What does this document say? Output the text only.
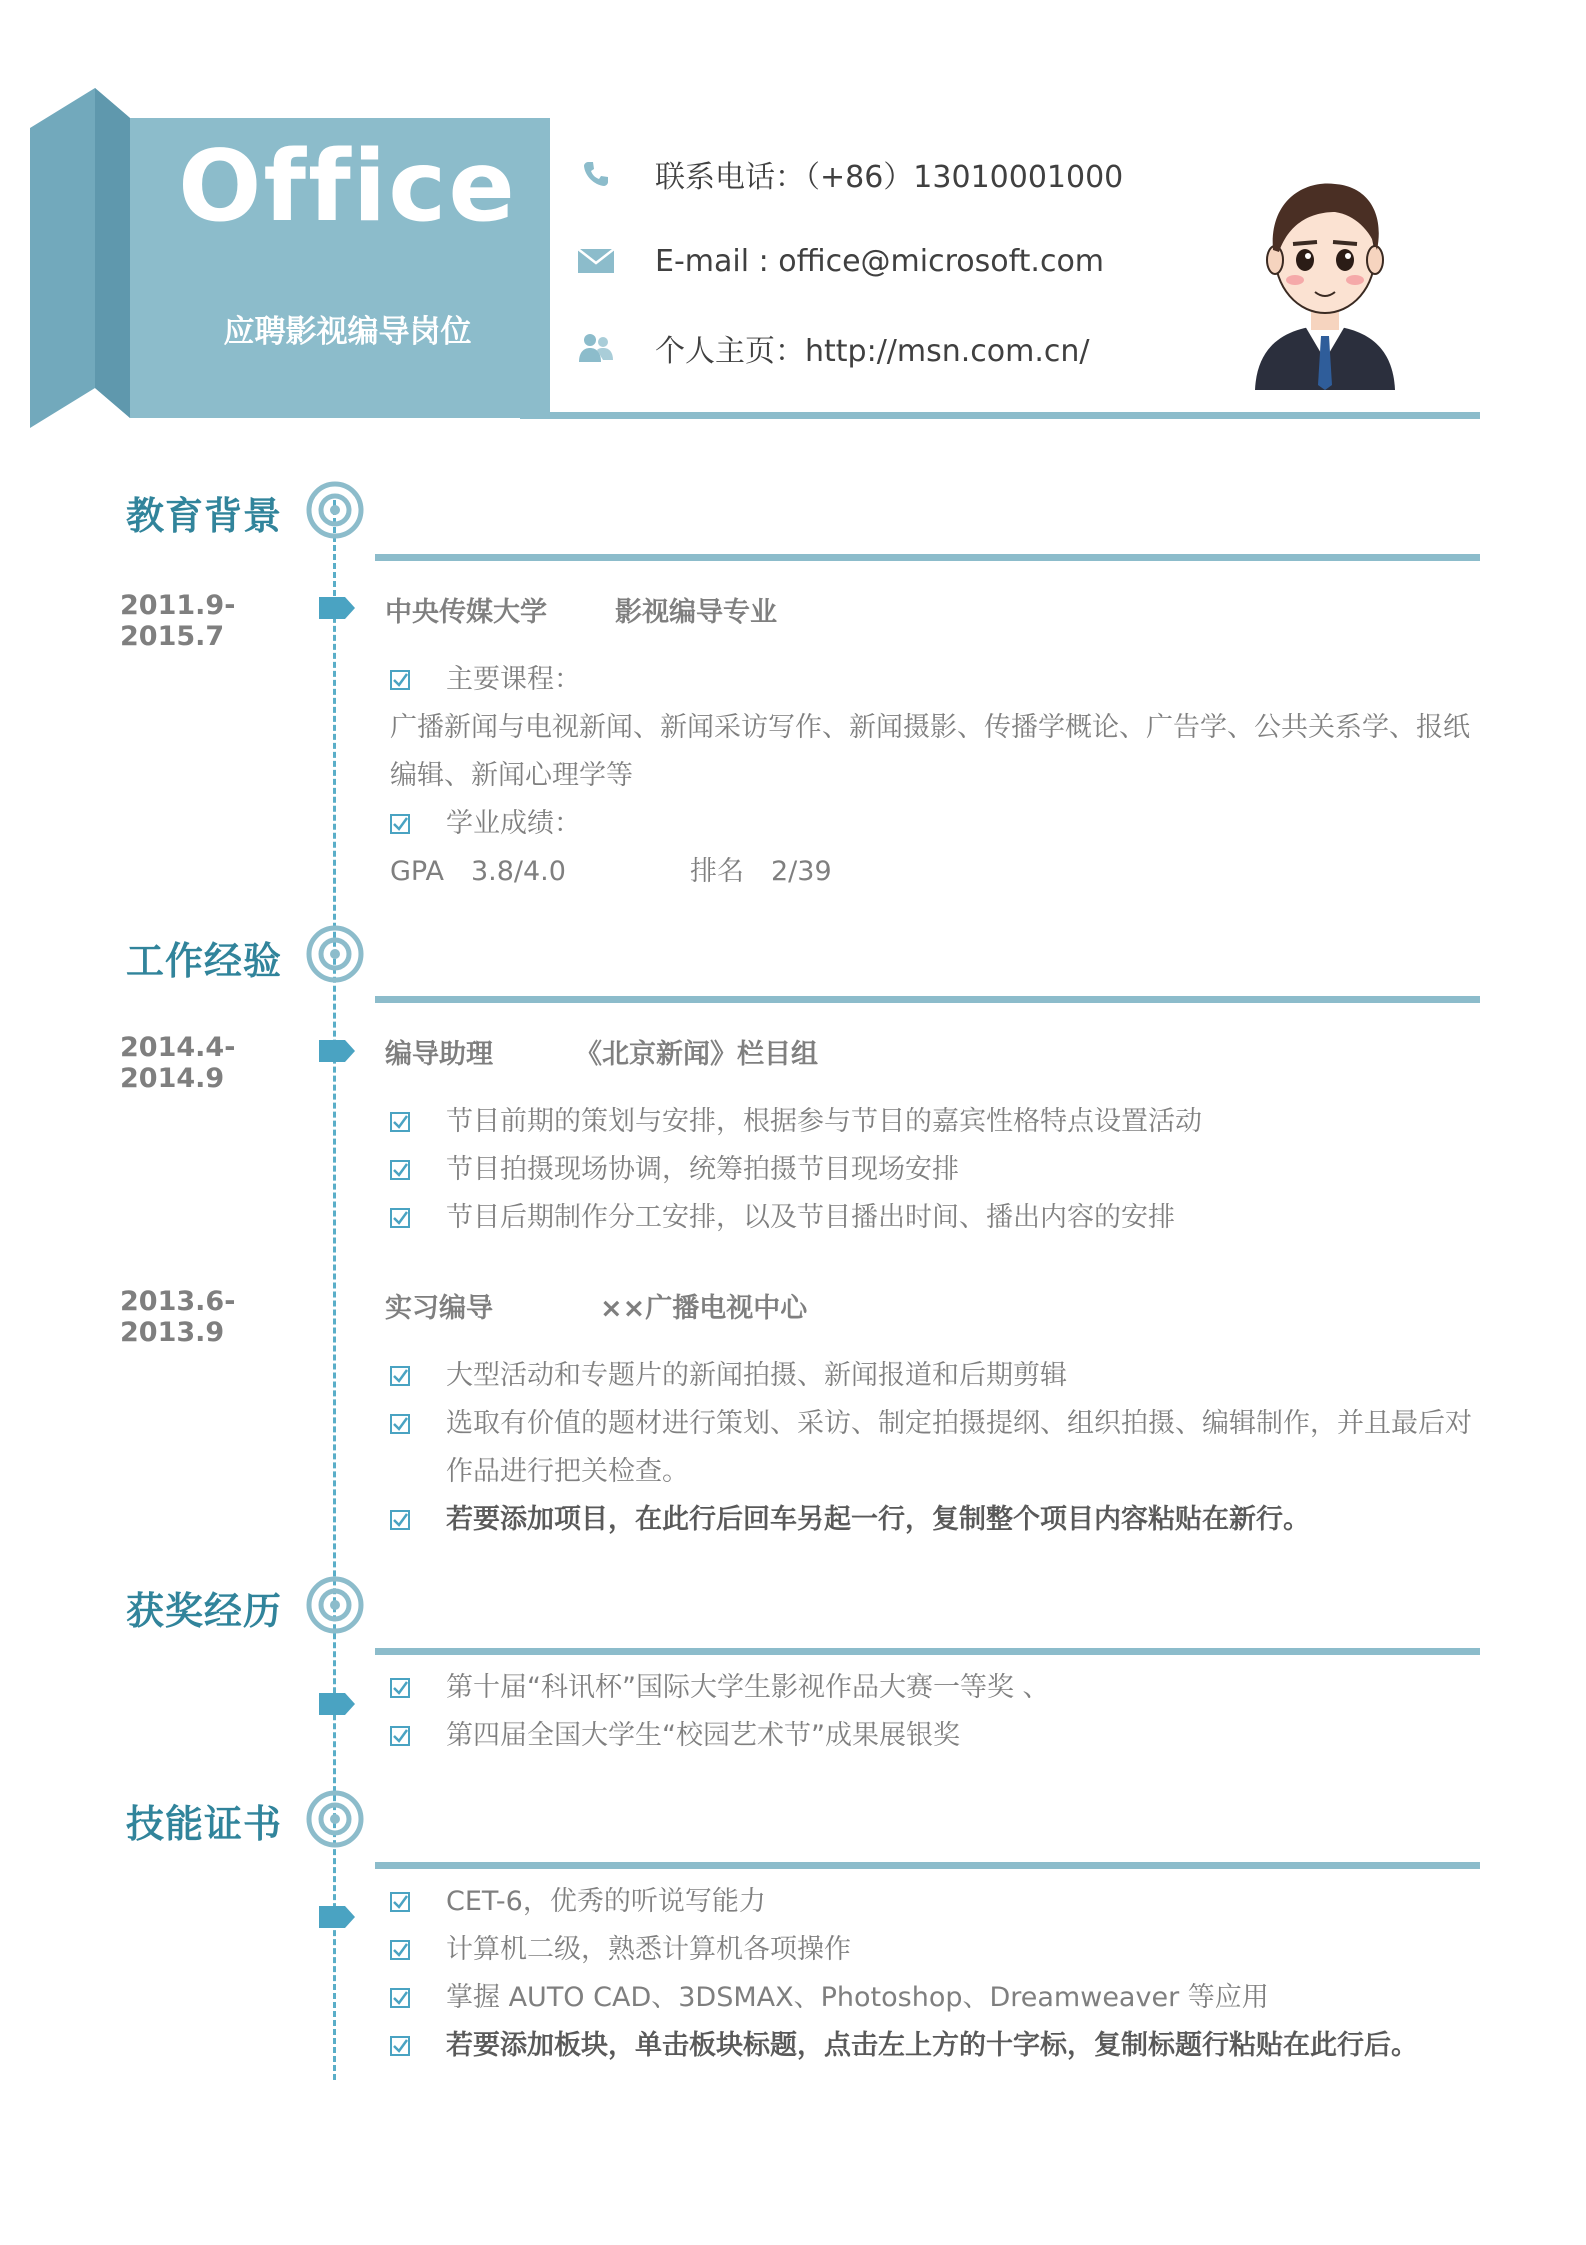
Office
应聘影视编导岗位
联系电话：（+86）13010001000
E-mail : office@microsoft.com
个人主页：http://msn.com.cn/
教育背景
2011.9-2015.7
中央传媒大学	影视编导专业
主要课程：
广播新闻与电视新闻、新闻采访写作、新闻摄影、传播学概论、广告学、公共关系学、报纸
编辑、新闻心理学等
学业成绩：
GPA　3.8/4.0	排名　2/39
工作经验
2014.4-2014.9
编导助理	《北京新闻》栏目组
节目前期的策划与安排，根据参与节目的嘉宾性格特点设置活动
节目拍摄现场协调，统筹拍摄节目现场安排
节目后期制作分工安排，以及节目播出时间、播出内容的安排
2013.6-2013.9
实习编导	××广播电视中心
大型活动和专题片的新闻拍摄、新闻报道和后期剪辑
选取有价值的题材进行策划、采访、制定拍摄提纲、组织拍摄、编辑制作，并且最后对
作品进行把关检查。
若要添加项目，在此行后回车另起一行，复制整个项目内容粘贴在新行。
获奖经历
第十届“科讯杯”国际大学生影视作品大赛一等奖 、
第四届全国大学生“校园艺术节”成果展银奖
技能证书
CET-6，优秀的听说写能力
计算机二级，熟悉计算机各项操作
掌握 AUTO CAD、3DSMAX、Photoshop、Dreamweaver 等应用
若要添加板块，单击板块标题，点击左上方的十字标，复制标题行粘贴在此行后。
